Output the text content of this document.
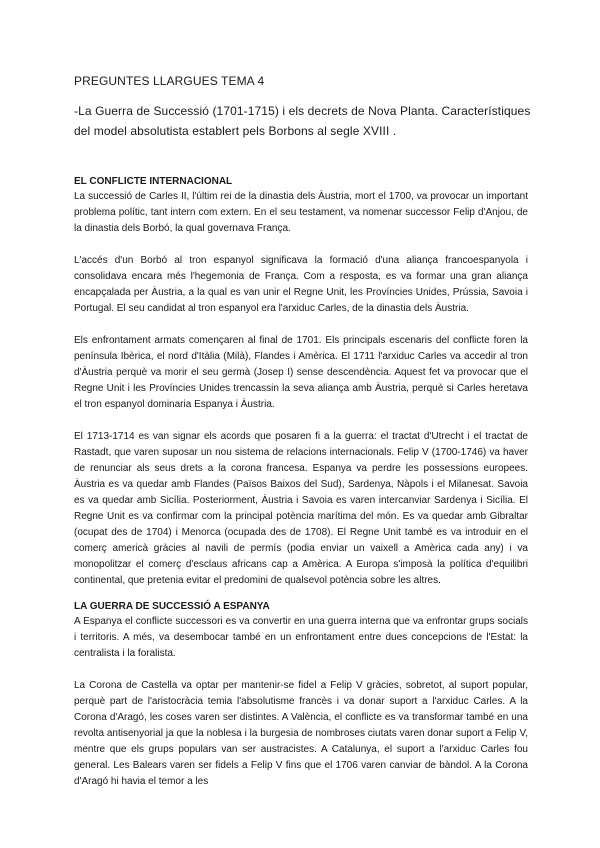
PREGUNTES LLARGUES TEMA 4
-La Guerra de Successió (1701-1715) i els decrets de Nova Planta. Característiques del model absolutista establert pels Borbons al segle XVIII .

EL CONFLICTE INTERNACIONAL

La successió de Carles II, l'últim rei de la dinastia dels Àustria, mort el 1700, va provocar un important problema polític, tant intern com extern. En el seu testament, va nomenar successor Felip d'Anjou, de la dinastia dels Borbó, la qual governava França.

L'accés d'un Borbó al tron espanyol significava la formació d'una aliança francoespanyola i consolidava encara més l'hegemonia de França. Com a resposta, es va formar una gran aliança encapçalada per Àustria, a la qual es van unir el Regne Unit, les Províncies Unides, Prússia, Savoia i Portugal. El seu candidat al tron espanyol era l'arxiduc Carles, de la dinastia dels Àustria.

Els enfrontament armats començaren al final de 1701. Els principals escenaris del conflicte foren la península Ibèrica, el nord d'Itàlia (Milà), Flandes i Amèrica. El 1711 l'arxiduc Carles va accedir al tron d'Àustria perquè va morir el seu germà (Josep I) sense descendència. Aquest fet va provocar que el Regne Unit i les Províncies Unides trencassin la seva aliança amb Àustria, perquè si Carles heretava el tron espanyol dominaria Espanya i Àustria.

El 1713-1714 es van signar els acords que posaren fi a la guerra: el tractat d'Utrecht i el tractat de Rastadt, que varen suposar un nou sistema de relacions internacionals. Felip V (1700-1746) va haver de renunciar als seus drets a la corona francesa. Espanya va perdre les possessions europees. Àustria es va quedar amb Flandes (Països Baixos del Sud), Sardenya, Nàpols i el Milanesat. Savoia es va quedar amb Sicília. Posteriorment, Àustria i Savoia es varen intercanviar Sardenya i Sicília. El Regne Unit es va confirmar com la principal potència marítima del món. Es va quedar amb Gibraltar (ocupat des de 1704) i Menorca (ocupada des de 1708). El Regne Unit també es va introduir en el comerç americà gràcies al navili de permís (podia enviar un vaixell a Amèrica cada any) i va monopolitzar el comerç d'esclaus africans cap a Amèrica. A Europa s'imposà la política d'equilibri continental, que pretenia evitar el predomini de qualsevol potència sobre les altres.

LA GUERRA DE SUCCESSIÓ A ESPANYA

A Espanya el conflicte successori es va convertir en una guerra interna que va enfrontar grups socials i territoris. A més, va desembocar també en un enfrontament entre dues concepcions de l'Estat: la centralista i la foralista.

La Corona de Castella va optar per mantenir-se fidel a Felip V gràcies, sobretot, al suport popular, perquè part de l'aristocràcia temia l'absolutisme francès i va donar suport a l'arxiduc Carles. A la Corona d'Aragó, les coses varen ser distintes. A València, el conflicte es va transformar també en una revolta antisenyorial ja que la noblesa i la burgesia de nombroses ciutats varen donar suport a Felip V, mentre que els grups populars van ser austracistes. A Catalunya, el suport a l'arxiduc Carles fou general. Les Balears varen ser fidels a Felip V fins que el 1706 varen canviar de bàndol. A la Corona d'Aragó hi havia el temor a les
